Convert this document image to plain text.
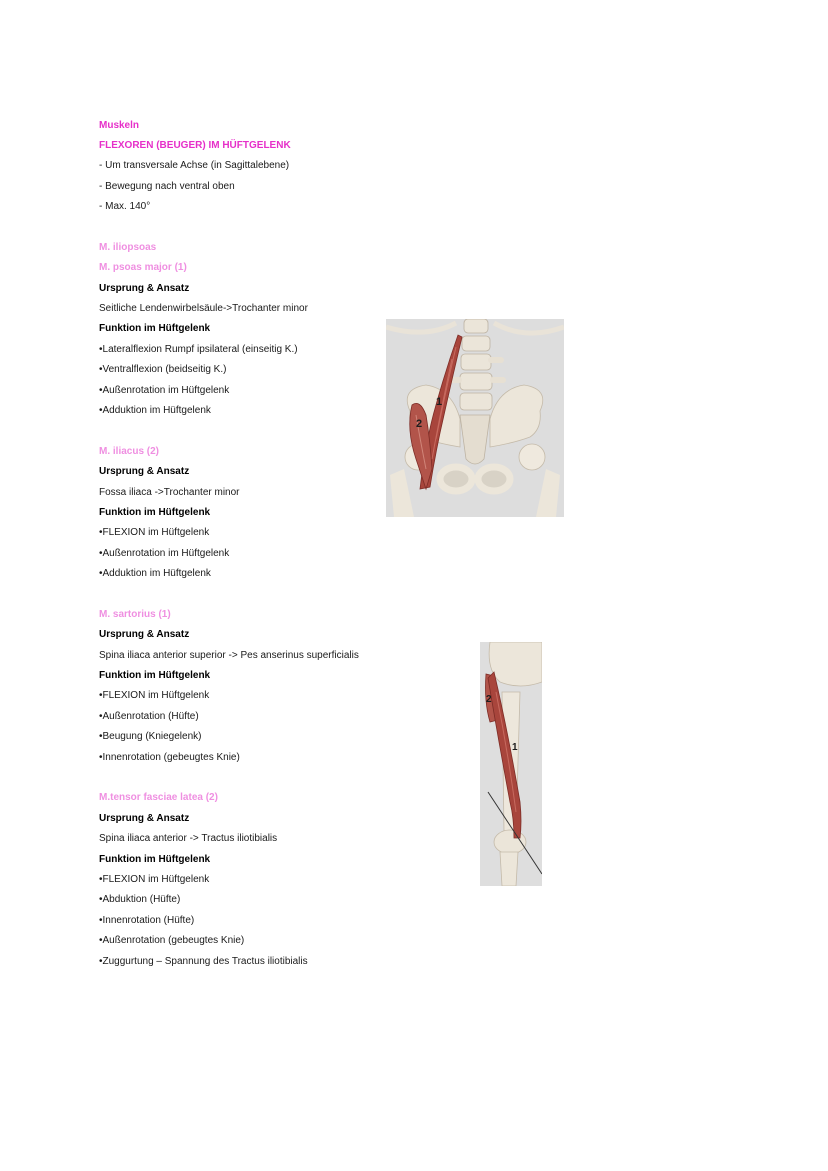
Muskeln
FLEXOREN (BEUGER) IM HÜFTGELENK
- Um transversale Achse (in Sagittalebene)
- Bewegung nach ventral oben
- Max. 140°
M. iliopsoas
M. psoas major (1)
Ursprung & Ansatz
Seitliche Lendenwirbelsäule->Trochanter minor
Funktion im Hüftgelenk
•Lateralflexion Rumpf ipsilateral (einseitig K.)
•Ventralflexion (beidseitig K.)
•Außenrotation im Hüftgelenk
•Adduktion im Hüftgelenk
M. iliacus (2)
Ursprung & Ansatz
Fossa iliaca ->Trochanter minor
Funktion im Hüftgelenk
•FLEXION im Hüftgelenk
•Außenrotation im Hüftgelenk
•Adduktion im Hüftgelenk
M. sartorius (1)
Ursprung & Ansatz
Spina iliaca anterior superior -> Pes anserinus superficialis
Funktion im Hüftgelenk
•FLEXION im Hüftgelenk
•Außenrotation (Hüfte)
•Beugung (Kniegelenk)
•Innenrotation (gebeugtes Knie)
M.tensor fasciae latea (2)
Ursprung & Ansatz
Spina iliaca anterior -> Tractus iliotibialis
Funktion im Hüftgelenk
•FLEXION im Hüftgelenk
•Abduktion (Hüfte)
•Innenrotation (Hüfte)
•Außenrotation (gebeugtes Knie)
•Zuggurtung – Spannung des Tractus iliotibialis
1
2
2
1
